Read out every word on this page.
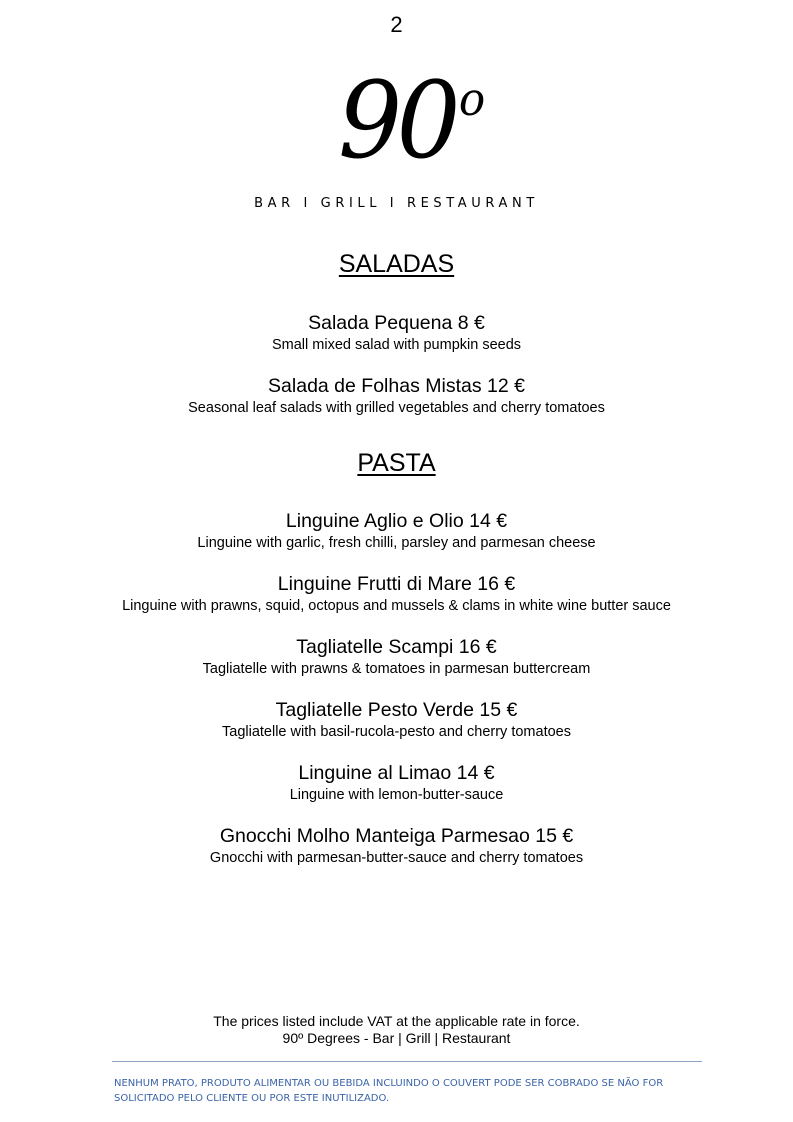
2
90 o
BAR I GRILL I RESTAURANT
SALADAS
Salada Pequena 8 €
Small mixed salad with pumpkin seeds
Salada de Folhas Mistas 12 €
Seasonal leaf salads with grilled vegetables and cherry tomatoes
PASTA
Linguine Aglio e Olio 14 €
Linguine with garlic, fresh chilli, parsley and parmesan cheese
Linguine Frutti di Mare 16 €
Linguine with prawns, squid, octopus and mussels & clams in white wine butter sauce
Tagliatelle Scampi 16 €
Tagliatelle with prawns & tomatoes in parmesan buttercream
Tagliatelle Pesto Verde 15 €
Tagliatelle with basil-rucola-pesto and cherry tomatoes
Linguine al Limao 14 €
Linguine with lemon-butter-sauce
Gnocchi Molho Manteiga Parmesao 15 €
Gnocchi with parmesan-butter-sauce and cherry tomatoes
The prices listed include VAT at the applicable rate in force.
90º Degrees - Bar | Grill | Restaurant
NENHUM PRATO, PRODUTO ALIMENTAR OU BEBIDA INCLUINDO O COUVERT PODE SER COBRADO SE NÃO FOR SOLICITADO PELO CLIENTE OU POR ESTE INUTILIZADO.
